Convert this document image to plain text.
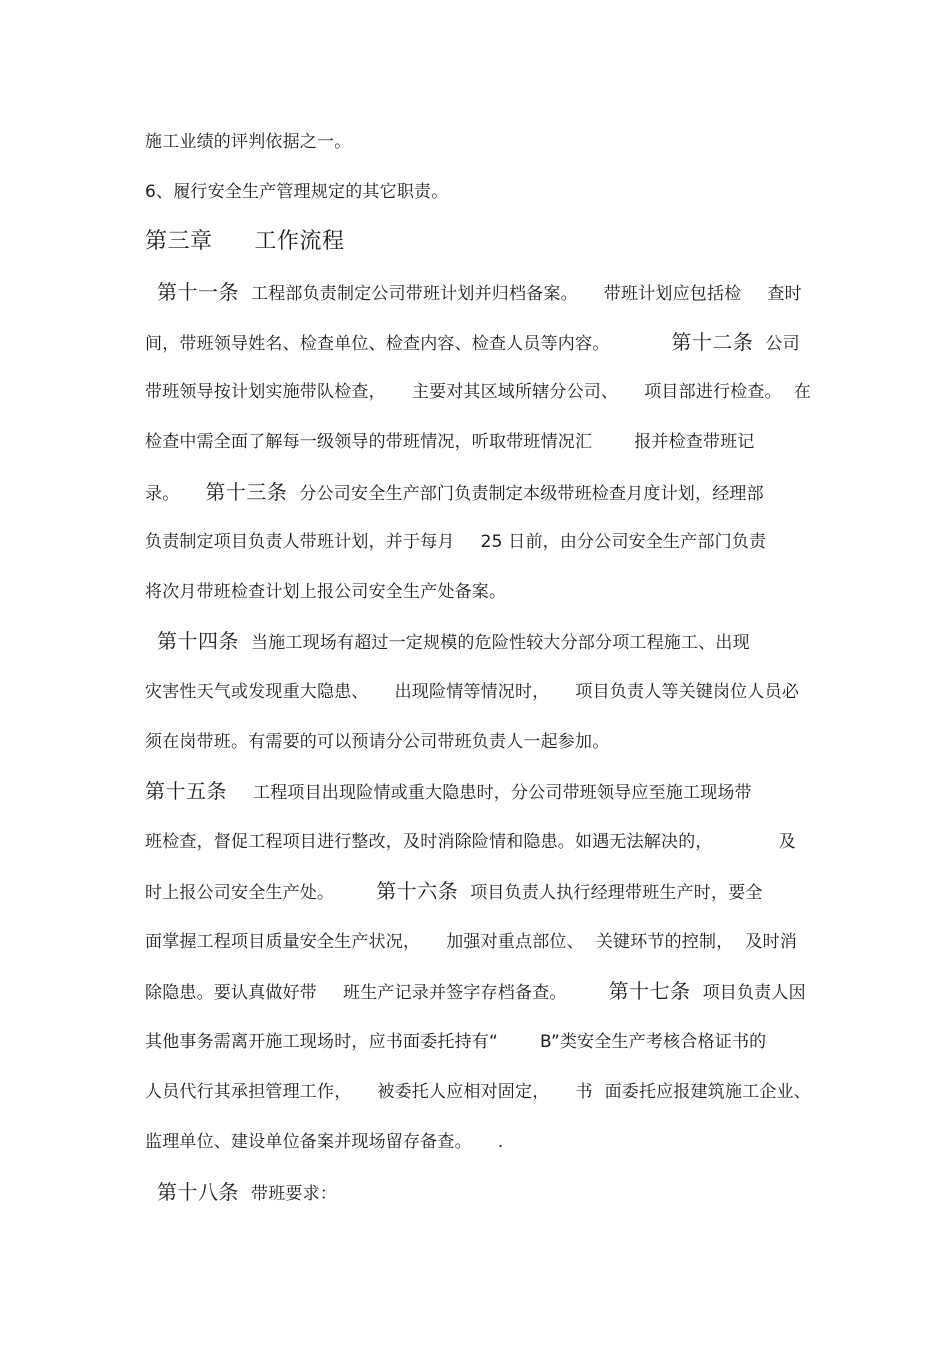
施工业绩的评判依据之一。
6、履行安全生产管理规定的其它职责。
第三章 工作流程
第十一条 工程部负责制定公司带班计划并归档备案。 带班计划应包括检 查时
间，带班领导姓名、检查单位、检查内容、检查人员等内容。	第十二条 公司
带班领导按计划实施带队检查， 主要对其区域所辖分公司、 项目部进行检查。 在
检查中需全面了解每一级领导的带班情况，听取带班情况汇 报并检查带班记
录。 第十三条 分公司安全生产部门负责制定本级带班检查月度计划，经理部
负责制定项目负责人带班计划，并于每月 25 日前，由分公司安全生产部门负责
将次月带班检查计划上报公司安全生产处备案。
第十四条 当施工现场有超过一定规模的危险性较大分部分项工程施工、出现
灾害性天气或发现重大隐患、 出现险情等情况时， 项目负责人等关键岗位人员必
须在岗带班。有需要的可以预请分公司带班负责人一起参加。
第十五条 工程项目出现险情或重大隐患时，分公司带班领导应至施工现场带
班检查，督促工程项目进行整改，及时消除险情和隐患。如遇无法解决的，	及
时上报公司安全生产处。 第十六条 项目负责人执行经理带班生产时，要全
面掌握工程项目质量安全生产状况， 加强对重点部位、 关键环节的控制， 及时消
除隐患。要认真做好带 班生产记录并签字存档备查。 第十七条 项目负责人因
其他事务需离开施工现场时，应书面委托持有“ B”类安全生产考核合格证书的
人员代行其承担管理工作， 被委托人应相对固定， 书 面委托应报建筑施工企业、
监理单位、建设单位备案并现场留存备查。 .
第十八条 带班要求：
